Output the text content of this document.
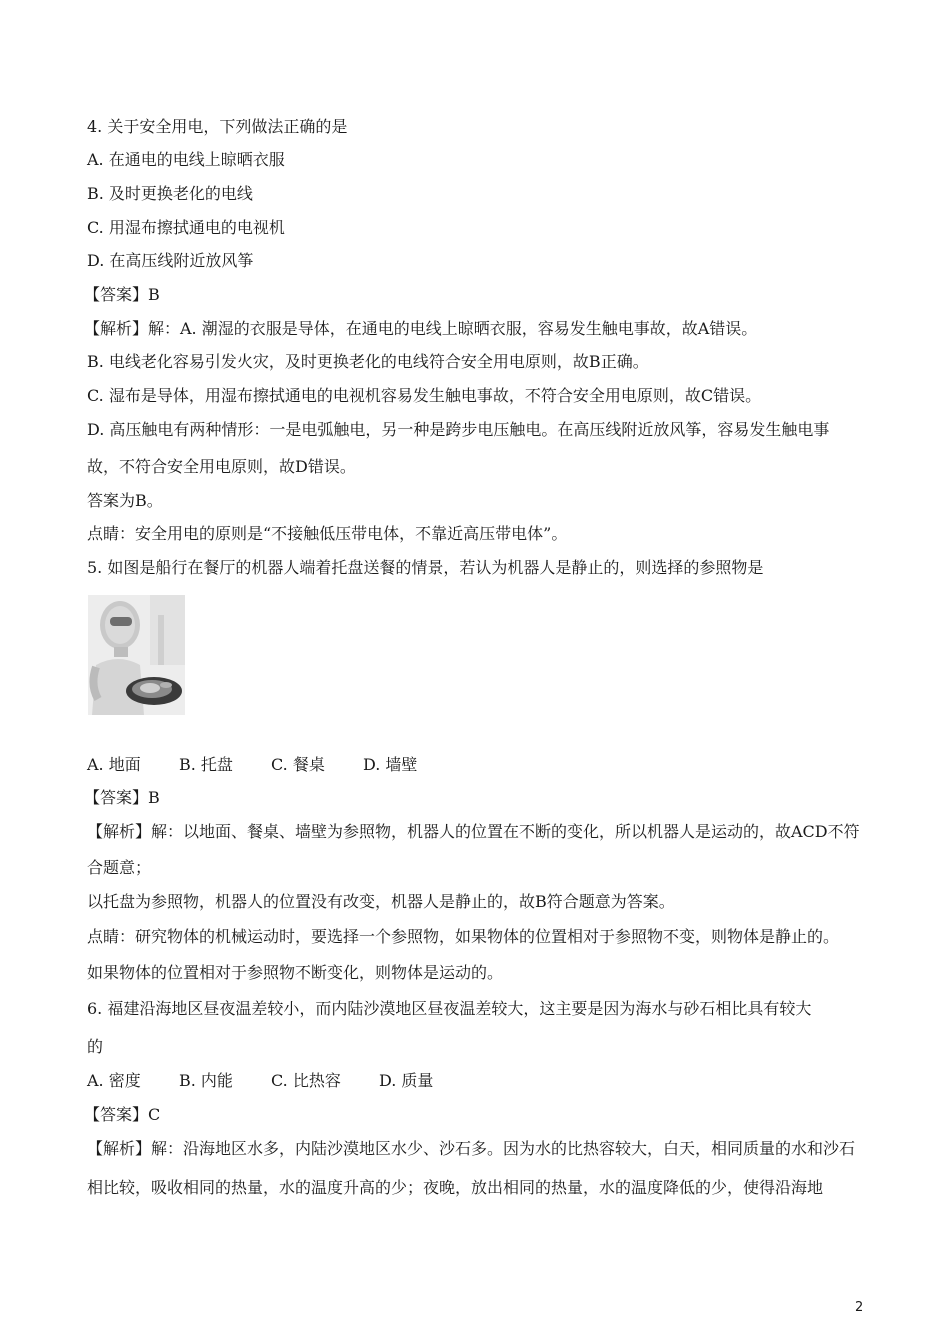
4. 关于安全用电，下列做法正确的是
A. 在通电的电线上晾晒衣服
B. 及时更换老化的电线
C. 用湿布擦拭通电的电视机
D. 在高压线附近放风筝
【答案】B
【解析】解：A. 潮湿的衣服是导体，在通电的电线上晾晒衣服，容易发生触电事故，故A错误。
B. 电线老化容易引发火灾，及时更换老化的电线符合安全用电原则，故B正确。
C. 湿布是导体，用湿布擦拭通电的电视机容易发生触电事故，不符合安全用电原则，故C错误。
D. 高压触电有两种情形：一是电弧触电，另一种是跨步电压触电。在高压线附近放风筝，容易发生触电事
故，不符合安全用电原则，故D错误。
答案为B。
点睛：安全用电的原则是“不接触低压带电体，不靠近高压带电体”。
5. 如图是船行在餐厅的机器人端着托盘送餐的情景，若认为机器人是静止的，则选择的参照物是
A. 地面 B. 托盘 C. 餐桌 D. 墙壁
【答案】B
【解析】解：以地面、餐桌、墙壁为参照物，机器人的位置在不断的变化，所以机器人是运动的，故ACD不符
合题意；
以托盘为参照物，机器人的位置没有改变，机器人是静止的，故B符合题意为答案。
点睛：研究物体的机械运动时，要选择一个参照物，如果物体的位置相对于参照物不变，则物体是静止的。
如果物体的位置相对于参照物不断变化，则物体是运动的。
6. 福建沿海地区昼夜温差较小，而内陆沙漠地区昼夜温差较大，这主要是因为海水与砂石相比具有较大
的
A. 密度 B. 内能 C. 比热容 D. 质量
【答案】C
【解析】解：沿海地区水多，内陆沙漠地区水少、沙石多。因为水的比热容较大，白天，相同质量的水和沙石
相比较，吸收相同的热量，水的温度升高的少；夜晚，放出相同的热量，水的温度降低的少，使得沿海地
2
